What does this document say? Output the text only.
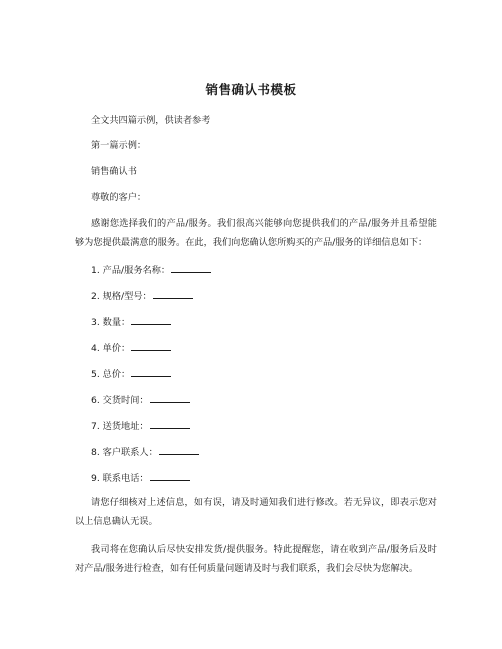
销售确认书模板
全文共四篇示例，供读者参考
第一篇示例：
销售确认书
尊敬的客户：
感谢您选择我们的产品/服务。我们很高兴能够向您提供我们的产品/服务并且希望能够为您提供最满意的服务。在此，我们向您确认您所购买的产品/服务的详细信息如下：
1. 产品/服务名称：
2. 规格/型号：
3. 数量：
4. 单价：
5. 总价：
6. 交货时间：
7. 送货地址：
8. 客户联系人：
9. 联系电话：
请您仔细核对上述信息，如有误，请及时通知我们进行修改。若无异议，即表示您对以上信息确认无误。
我司将在您确认后尽快安排发货/提供服务。特此提醒您，请在收到产品/服务后及时对产品/服务进行检查，如有任何质量问题请及时与我们联系，我们会尽快为您解决。
